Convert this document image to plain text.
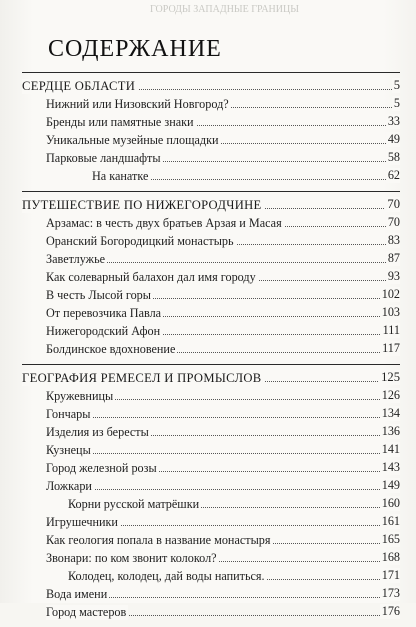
ГОРОДЫ ЗАПАДНЫЕ ГРАНИЦЫ
СОДЕРЖАНИЕ
СЕРДЦЕ ОБЛАСТИ	5
Нижний или Низовский Новгород?	5
Бренды или памятные знаки	33
Уникальные музейные площадки	49
Парковые ландшафты	58
На канатке	62
ПУТЕШЕСТВИЕ ПО НИЖЕГОРОДЧИНЕ	70
Арзамас: в честь двух братьев Арзая и Масая	70
Оранский Богородицкий монастырь	83
Заветлужье	87
Как солеварный балахон дал имя городу	93
В честь Лысой горы	102
От перевозчика Павла	103
Нижегородский Афон	111
Болдинское вдохновение	117
ГЕОГРАФИЯ РЕМЕСЕЛ И ПРОМЫСЛОВ	125
Кружевницы	126
Гончары	134
Изделия из бересты	136
Кузнецы	141
Город железной розы	143
Ложкари	149
Корни русской матрёшки	160
Игрушечники	161
Как геология попала в название монастыря	165
Звонари: по ком звонит колокол?	168
Колодец, колодец, дай воды напиться.	171
Вода имени	173
Город мастеров	176
